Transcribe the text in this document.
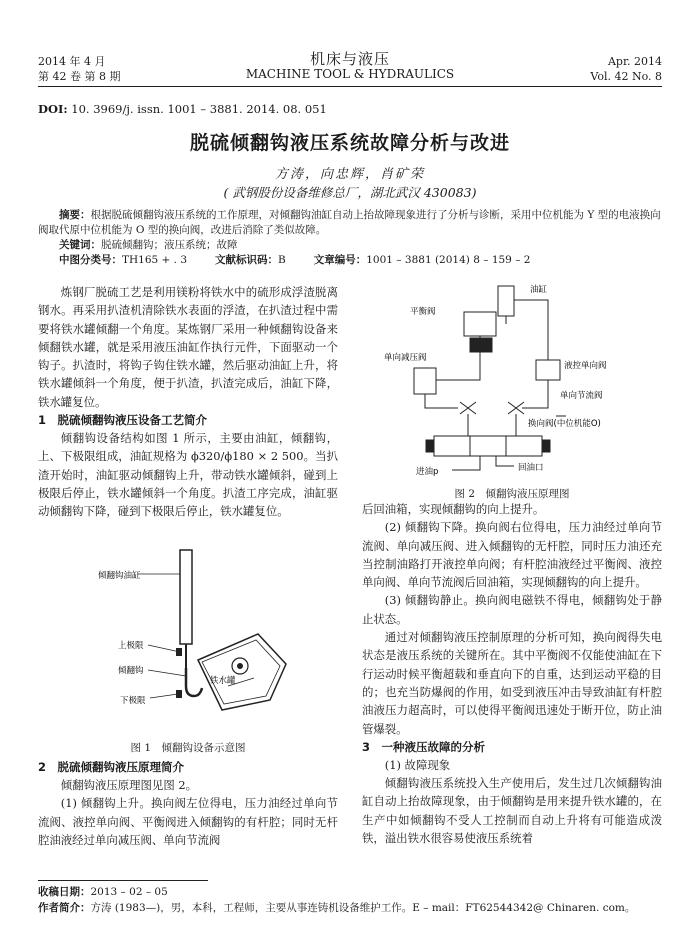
2014 年 4 月
第 42 卷 第 8 期
机床与液压
MACHINE TOOL & HYDRAULICS
Apr. 2014
Vol. 42 No. 8
DOI: 10. 3969/j. issn. 1001 – 3881. 2014. 08. 051
脱硫倾翻钩液压系统故障分析与改进
方涛，向忠辉，肖矿荣
( 武钢股份设备维修总厂，湖北武汉 430083)
摘要：根据脱硫倾翻钩液压系统的工作原理，对倾翻钩油缸自动上抬故障现象进行了分析与诊断，采用中位机能为 Y 型的电液换向阀取代原中位机能为 O 型的换向阀，改进后消除了类似故障。
关键词：脱硫倾翻钩；液压系统；故障
中图分类号：TH165 + . 3	文献标识码：B	文章编号：1001 – 3881 (2014) 8 – 159 – 2

炼钢厂脱硫工艺是利用镁粉将铁水中的硫形成浮渣脱离钢水。再采用扒渣机清除铁水表面的浮渣，在扒渣过程中需要将铁水罐倾翻一个角度。某炼钢厂采用一种倾翻钩设备来倾翻铁水罐，就是采用液压油缸作执行元件，下面驱动一个钩子。扒渣时，将钩子钩住铁水罐，然后驱动油缸上升，将铁水罐倾斜一个角度，便于扒渣，扒渣完成后，油缸下降，铁水罐复位。

1　脱硫倾翻钩液压设备工艺简介

倾翻钩设备结构如图 1 所示，主要由油缸，倾翻钩，上、下极限组成，油缸规格为 ϕ320/ϕ180 × 2 500。当扒渣开始时，油缸驱动倾翻钩上升，带动铁水罐倾斜，碰到上极限后停止，铁水罐倾斜一个角度。扒渣工序完成，油缸驱动倾翻钩下降，碰到下极限后停止，铁水罐复位。

倾翻钩油缸
上极限
倾翻钩
铁水罐
下极限
图 1　倾翻钩设备示意图
2　脱硫倾翻钩液压原理简介

倾翻钩液压原理图见图 2。

(1) 倾翻钩上升。换向阀左位得电，压力油经过单向节流阀、液控单向阀、平衡阀进入倾翻钩的有杆腔；同时无杆腔油液经过单向减压阀、单向节流阀

油缸
平衡阀
单向减压阀
液控单向阀
单向节流阀
换向阀(中位机能O)
进油p	回油口
图 2　倾翻钩液压原理图

后回油箱，实现倾翻钩的向上提升。

(2) 倾翻钩下降。换向阀右位得电，压力油经过单向节流阀、单向减压阀、进入倾翻钩的无杆腔，同时压力油还充当控制油路打开液控单向阀；有杆腔油液经过平衡阀、液控单向阀、单向节流阀后回油箱，实现倾翻钩的向上提升。

(3) 倾翻钩静止。换向阀电磁铁不得电，倾翻钩处于静止状态。

通过对倾翻钩液压控制原理的分析可知，换向阀得失电状态是液压系统的关键所在。其中平衡阀不仅能使油缸在下行运动时候平衡超载和垂直向下的自重，达到运动平稳的目的；也充当防爆阀的作用，如受到液压冲击导致油缸有杆腔油液压力超高时，可以使得平衡阀迅速处于断开位，防止油管爆裂。

3　一种液压故障的分析

(1) 故障现象

倾翻钩液压系统投入生产使用后，发生过几次倾翻钩油缸自动上抬故障现象，由于倾翻钩是用来提升铁水罐的，在生产中如倾翻钩不受人工控制而自动上升将有可能造成泼铁，溢出铁水很容易使液压系统着

收稿日期：2013 – 02 – 05
作者简介：方涛 (1983—)，男，本科，工程师，主要从事连铸机设备维护工作。E – mail：FT62544342@ Chinaren. com。
